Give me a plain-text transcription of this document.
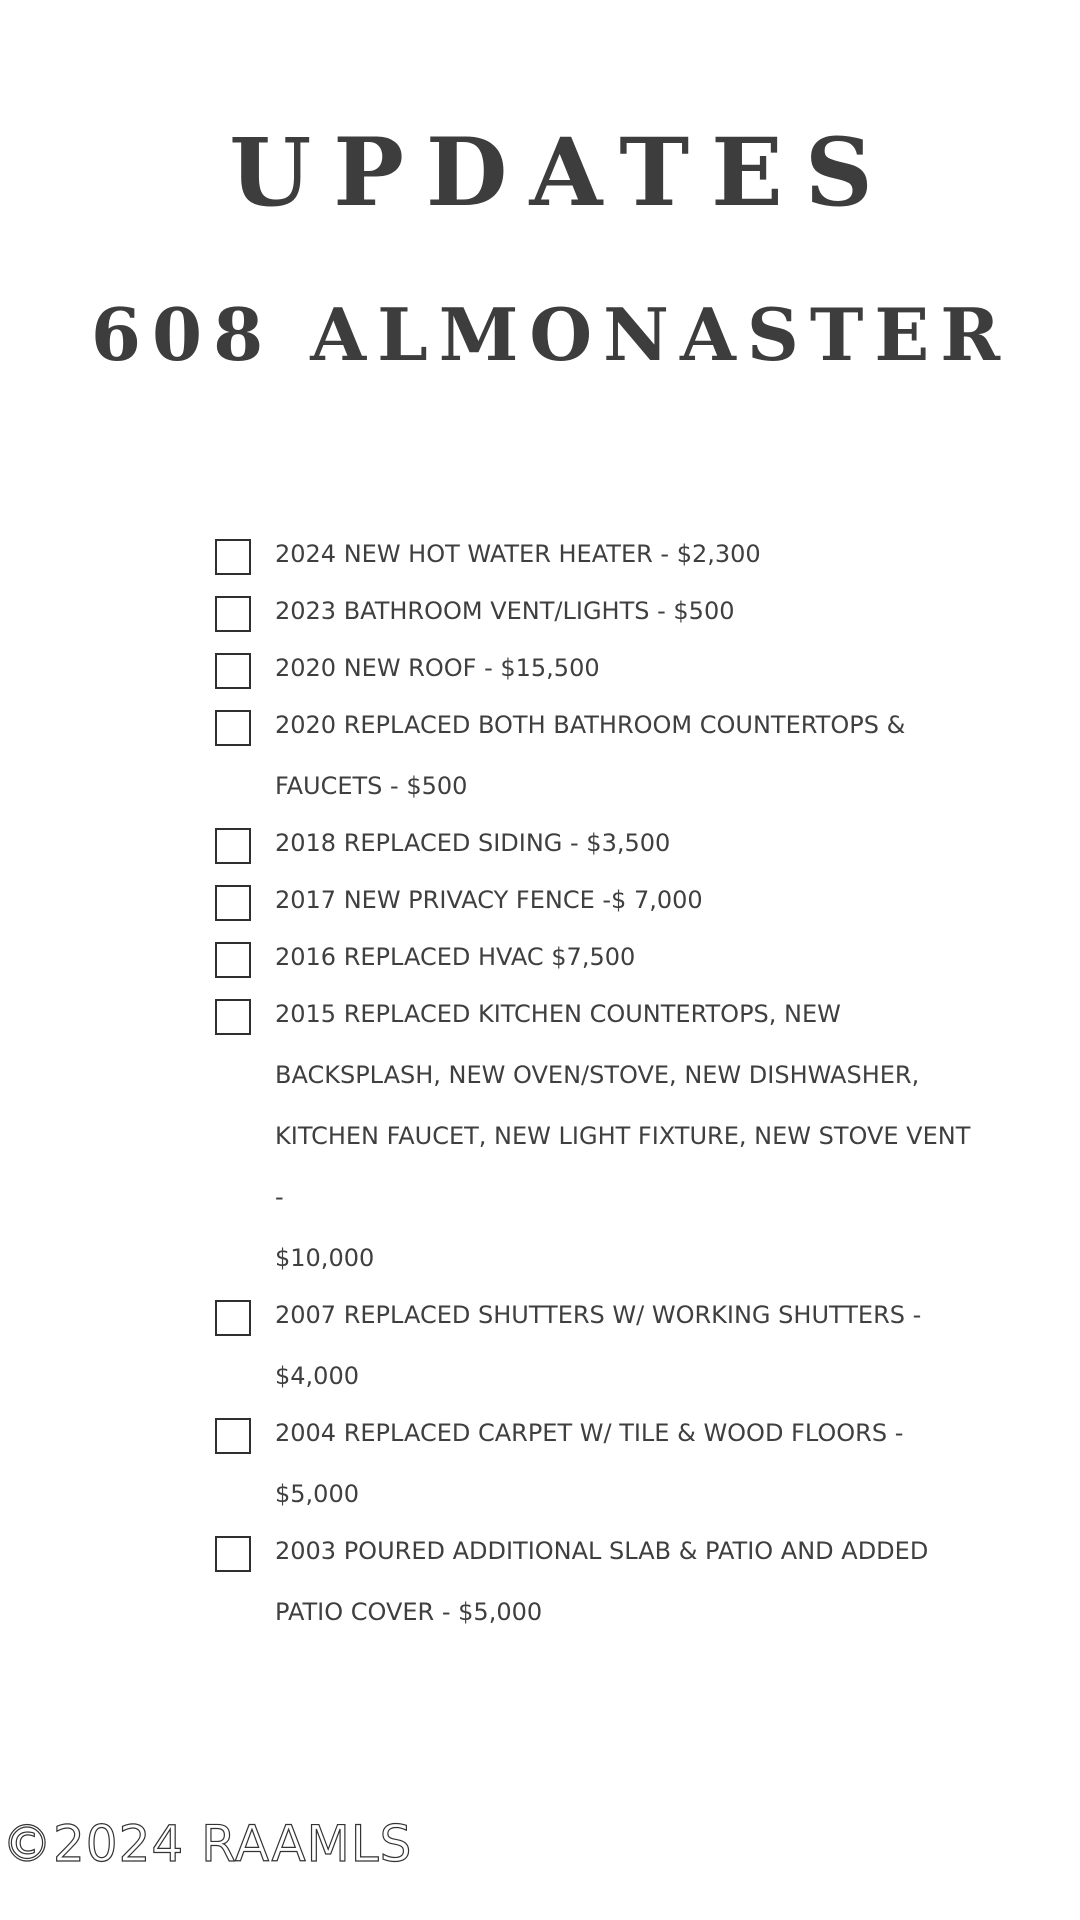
UPDATES
608 ALMONASTER
2024 NEW HOT WATER HEATER - $2,300
2023 BATHROOM VENT/LIGHTS - $500
2020 NEW ROOF - $15,500
2020 REPLACED BOTH BATHROOM COUNTERTOPS &
FAUCETS - $500
2018 REPLACED SIDING - $3,500
2017 NEW PRIVACY FENCE -$ 7,000
2016 REPLACED HVAC $7,500
2015 REPLACED KITCHEN COUNTERTOPS, NEW
BACKSPLASH, NEW OVEN/STOVE, NEW DISHWASHER,
KITCHEN FAUCET, NEW LIGHT FIXTURE, NEW STOVE VENT -
$10,000
2007 REPLACED SHUTTERS W/ WORKING SHUTTERS - $4,000
2004 REPLACED CARPET W/ TILE & WOOD FLOORS - $5,000
2003 POURED ADDITIONAL SLAB & PATIO AND ADDED
PATIO COVER - $5,000
©2024 RAAMLS
